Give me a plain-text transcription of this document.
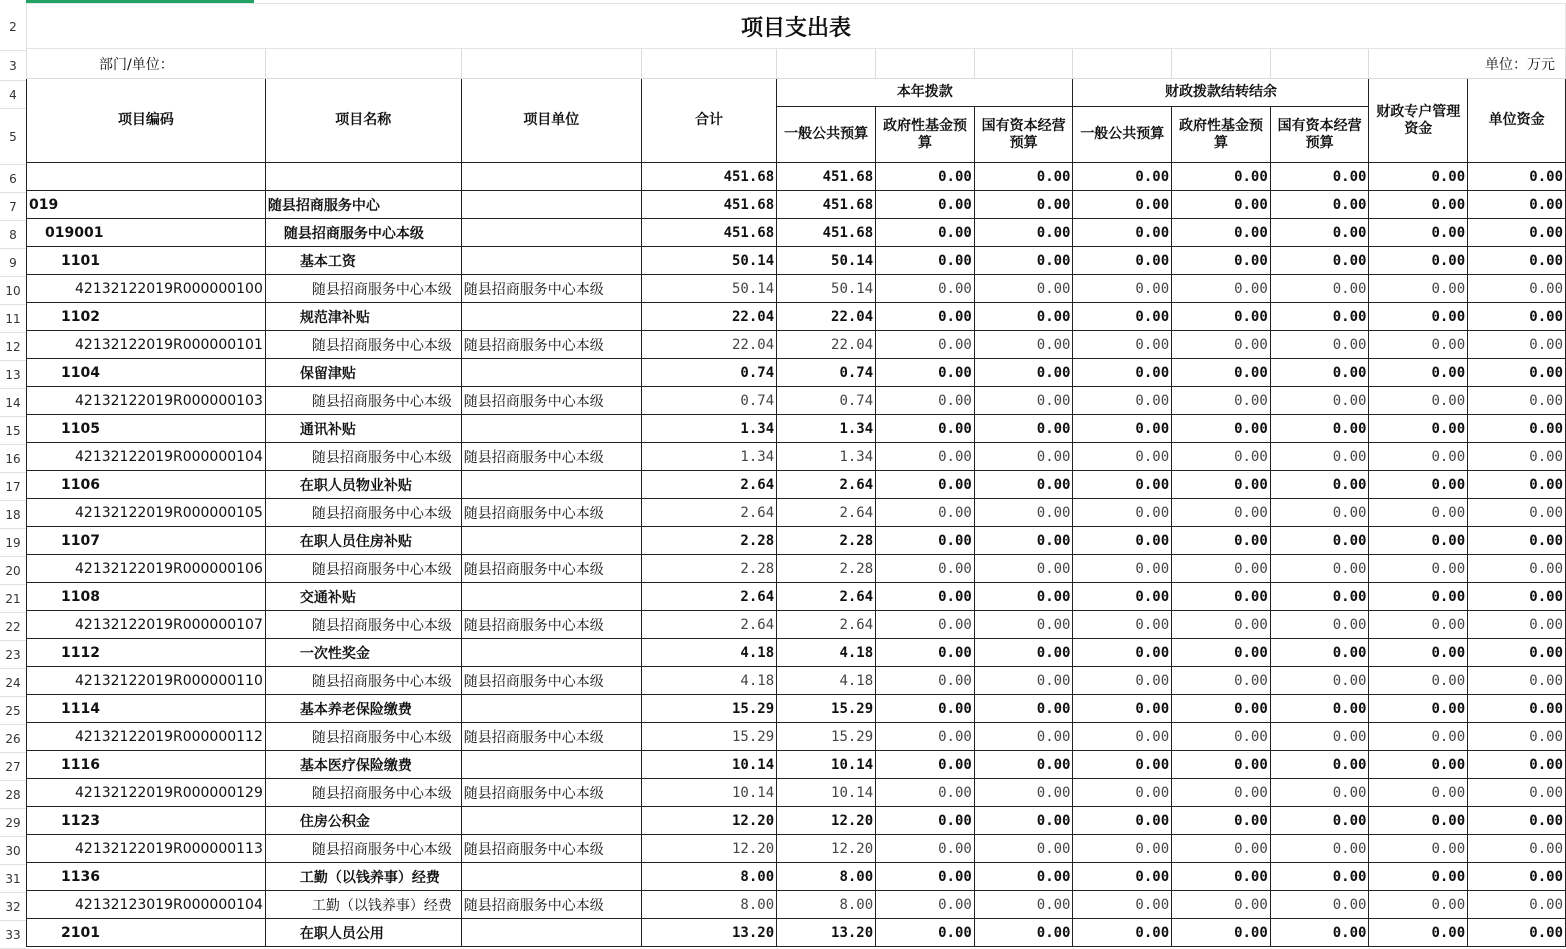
2
3
4
5
6
7
8
9
10
11
12
13
14
15
16
17
18
19
20
21
22
23
24
25
26
27
28
29
30
31
32
33
项目支出表											
部门/单位：										单位：万元	
项目编码	项目名称	项目单位	合计	本年拨款			财政拨款结转结余			财政专户管理资金	单位资金
				一般公共预算	政府性基金预算	国有资本经营预算	一般公共预算	政府性基金预算	国有资本经营预算		
			451.68	451.68	0.00	0.00	0.00	0.00	0.00	0.00	0.00
019	随县招商服务中心		451.68	451.68	0.00	0.00	0.00	0.00	0.00	0.00	0.00
019001	随县招商服务中心本级		451.68	451.68	0.00	0.00	0.00	0.00	0.00	0.00	0.00
1101	基本工资		50.14	50.14	0.00	0.00	0.00	0.00	0.00	0.00	0.00
42132122019R000000100	随县招商服务中心本级	随县招商服务中心本级	50.14	50.14	0.00	0.00	0.00	0.00	0.00	0.00	0.00
1102	规范津补贴		22.04	22.04	0.00	0.00	0.00	0.00	0.00	0.00	0.00
42132122019R000000101	随县招商服务中心本级	随县招商服务中心本级	22.04	22.04	0.00	0.00	0.00	0.00	0.00	0.00	0.00
1104	保留津贴		0.74	0.74	0.00	0.00	0.00	0.00	0.00	0.00	0.00
42132122019R000000103	随县招商服务中心本级	随县招商服务中心本级	0.74	0.74	0.00	0.00	0.00	0.00	0.00	0.00	0.00
1105	通讯补贴		1.34	1.34	0.00	0.00	0.00	0.00	0.00	0.00	0.00
42132122019R000000104	随县招商服务中心本级	随县招商服务中心本级	1.34	1.34	0.00	0.00	0.00	0.00	0.00	0.00	0.00
1106	在职人员物业补贴		2.64	2.64	0.00	0.00	0.00	0.00	0.00	0.00	0.00
42132122019R000000105	随县招商服务中心本级	随县招商服务中心本级	2.64	2.64	0.00	0.00	0.00	0.00	0.00	0.00	0.00
1107	在职人员住房补贴		2.28	2.28	0.00	0.00	0.00	0.00	0.00	0.00	0.00
42132122019R000000106	随县招商服务中心本级	随县招商服务中心本级	2.28	2.28	0.00	0.00	0.00	0.00	0.00	0.00	0.00
1108	交通补贴		2.64	2.64	0.00	0.00	0.00	0.00	0.00	0.00	0.00
42132122019R000000107	随县招商服务中心本级	随县招商服务中心本级	2.64	2.64	0.00	0.00	0.00	0.00	0.00	0.00	0.00
1112	一次性奖金		4.18	4.18	0.00	0.00	0.00	0.00	0.00	0.00	0.00
42132122019R000000110	随县招商服务中心本级	随县招商服务中心本级	4.18	4.18	0.00	0.00	0.00	0.00	0.00	0.00	0.00
1114	基本养老保险缴费		15.29	15.29	0.00	0.00	0.00	0.00	0.00	0.00	0.00
42132122019R000000112	随县招商服务中心本级	随县招商服务中心本级	15.29	15.29	0.00	0.00	0.00	0.00	0.00	0.00	0.00
1116	基本医疗保险缴费		10.14	10.14	0.00	0.00	0.00	0.00	0.00	0.00	0.00
42132122019R000000129	随县招商服务中心本级	随县招商服务中心本级	10.14	10.14	0.00	0.00	0.00	0.00	0.00	0.00	0.00
1123	住房公积金		12.20	12.20	0.00	0.00	0.00	0.00	0.00	0.00	0.00
42132122019R000000113	随县招商服务中心本级	随县招商服务中心本级	12.20	12.20	0.00	0.00	0.00	0.00	0.00	0.00	0.00
1136	工勤（以钱养事）经费		8.00	8.00	0.00	0.00	0.00	0.00	0.00	0.00	0.00
42132123019R000000104	工勤（以钱养事）经费	随县招商服务中心本级	8.00	8.00	0.00	0.00	0.00	0.00	0.00	0.00	0.00
2101	在职人员公用		13.20	13.20	0.00	0.00	0.00	0.00	0.00	0.00	0.00
